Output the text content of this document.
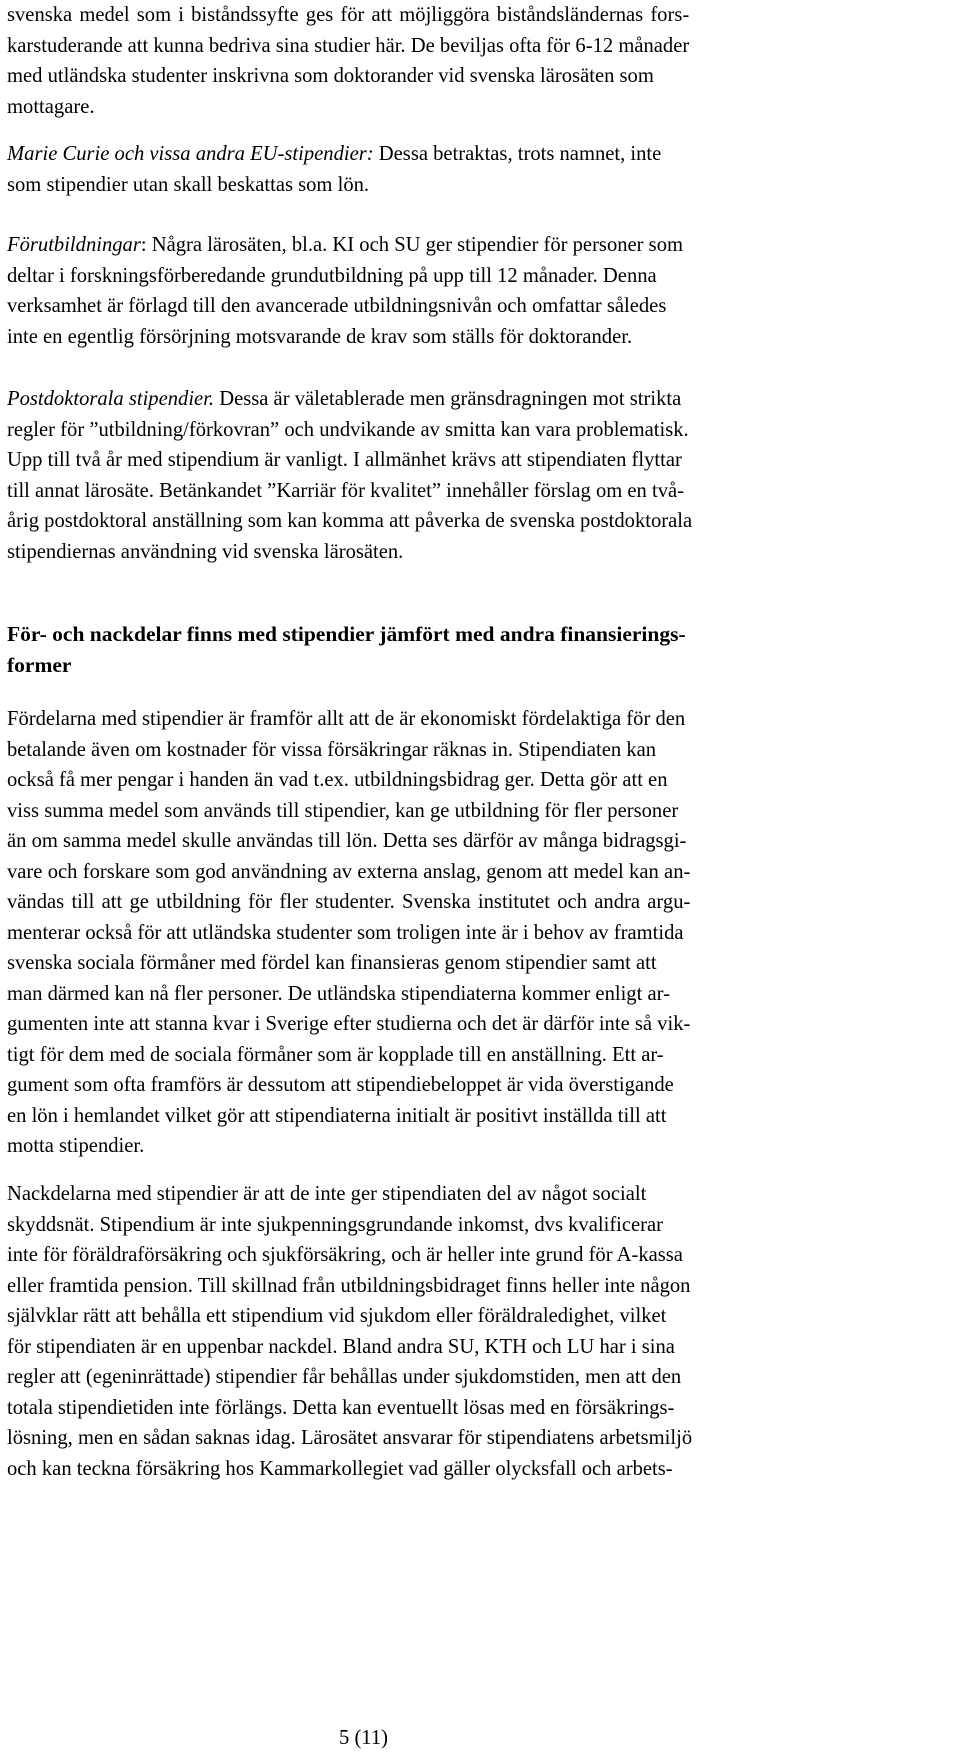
svenska medel som i biståndssyfte ges för att möjliggöra biståndsländernas fors-
karstuderande att kunna bedriva sina studier här. De beviljas ofta för 6-12 månader
med utländska studenter inskrivna som doktorander vid svenska lärosäten som
mottagare.

Marie Curie och vissa andra EU-stipendier: Dessa betraktas, trots namnet, inte
som stipendier utan skall beskattas som lön.

Förutbildningar: Några lärosäten, bl.a. KI och SU ger stipendier för personer som
deltar i forskningsförberedande grundutbildning på upp till 12 månader. Denna
verksamhet är förlagd till den avancerade utbildningsnivån och omfattar således
inte en egentlig försörjning motsvarande de krav som ställs för doktorander.

Postdoktorala stipendier. Dessa är väletablerade men gränsdragningen mot strikta
regler för ”utbildning/förkovran” och undvikande av smitta kan vara problematisk.
Upp till två år med stipendium är vanligt. I allmänhet krävs att stipendiaten flyttar
till annat lärosäte. Betänkandet ”Karriär för kvalitet” innehåller förslag om en två-
årig postdoktoral anställning som kan komma att påverka de svenska postdoktorala
stipendiernas användning vid svenska lärosäten.

För- och nackdelar finns med stipendier jämfört med andra finansierings-
former

Fördelarna med stipendier är framför allt att de är ekonomiskt fördelaktiga för den
betalande även om kostnader för vissa försäkringar räknas in. Stipendiaten kan
också få mer pengar i handen än vad t.ex. utbildningsbidrag ger. Detta gör att en
viss summa medel som används till stipendier, kan ge utbildning för fler personer
än om samma medel skulle användas till lön. Detta ses därför av många bidragsgi-
vare och forskare som god användning av externa anslag, genom att medel kan an-
vändas till att ge utbildning för fler studenter. Svenska institutet och andra argu-
menterar också för att utländska studenter som troligen inte är i behov av framtida
svenska sociala förmåner med fördel kan finansieras genom stipendier samt att
man därmed kan nå fler personer. De utländska stipendiaterna kommer enligt ar-
gumenten inte att stanna kvar i Sverige efter studierna och det är därför inte så vik-
tigt för dem med de sociala förmåner som är kopplade till en anställning. Ett ar-
gument som ofta framförs är dessutom att stipendiebeloppet är vida överstigande
en lön i hemlandet vilket gör att stipendiaterna initialt är positivt inställda till att
motta stipendier.

Nackdelarna med stipendier är att de inte ger stipendiaten del av något socialt
skyddsnät. Stipendium är inte sjukpenningsgrundande inkomst, dvs kvalificerar
inte för föräldraförsäkring och sjukförsäkring, och är heller inte grund för A-kassa
eller framtida pension. Till skillnad från utbildningsbidraget finns heller inte någon
självklar rätt att behålla ett stipendium vid sjukdom eller föräldraledighet, vilket
för stipendiaten är en uppenbar nackdel. Bland andra SU, KTH och LU har i sina
regler att (egeninrättade) stipendier får behållas under sjukdomstiden, men att den
totala stipendietiden inte förlängs. Detta kan eventuellt lösas med en försäkrings-
lösning, men en sådan saknas idag. Lärosätet ansvarar för stipendiatens arbetsmiljö
och kan teckna försäkring hos Kammarkollegiet vad gäller olycksfall och arbets-

5 (11)
